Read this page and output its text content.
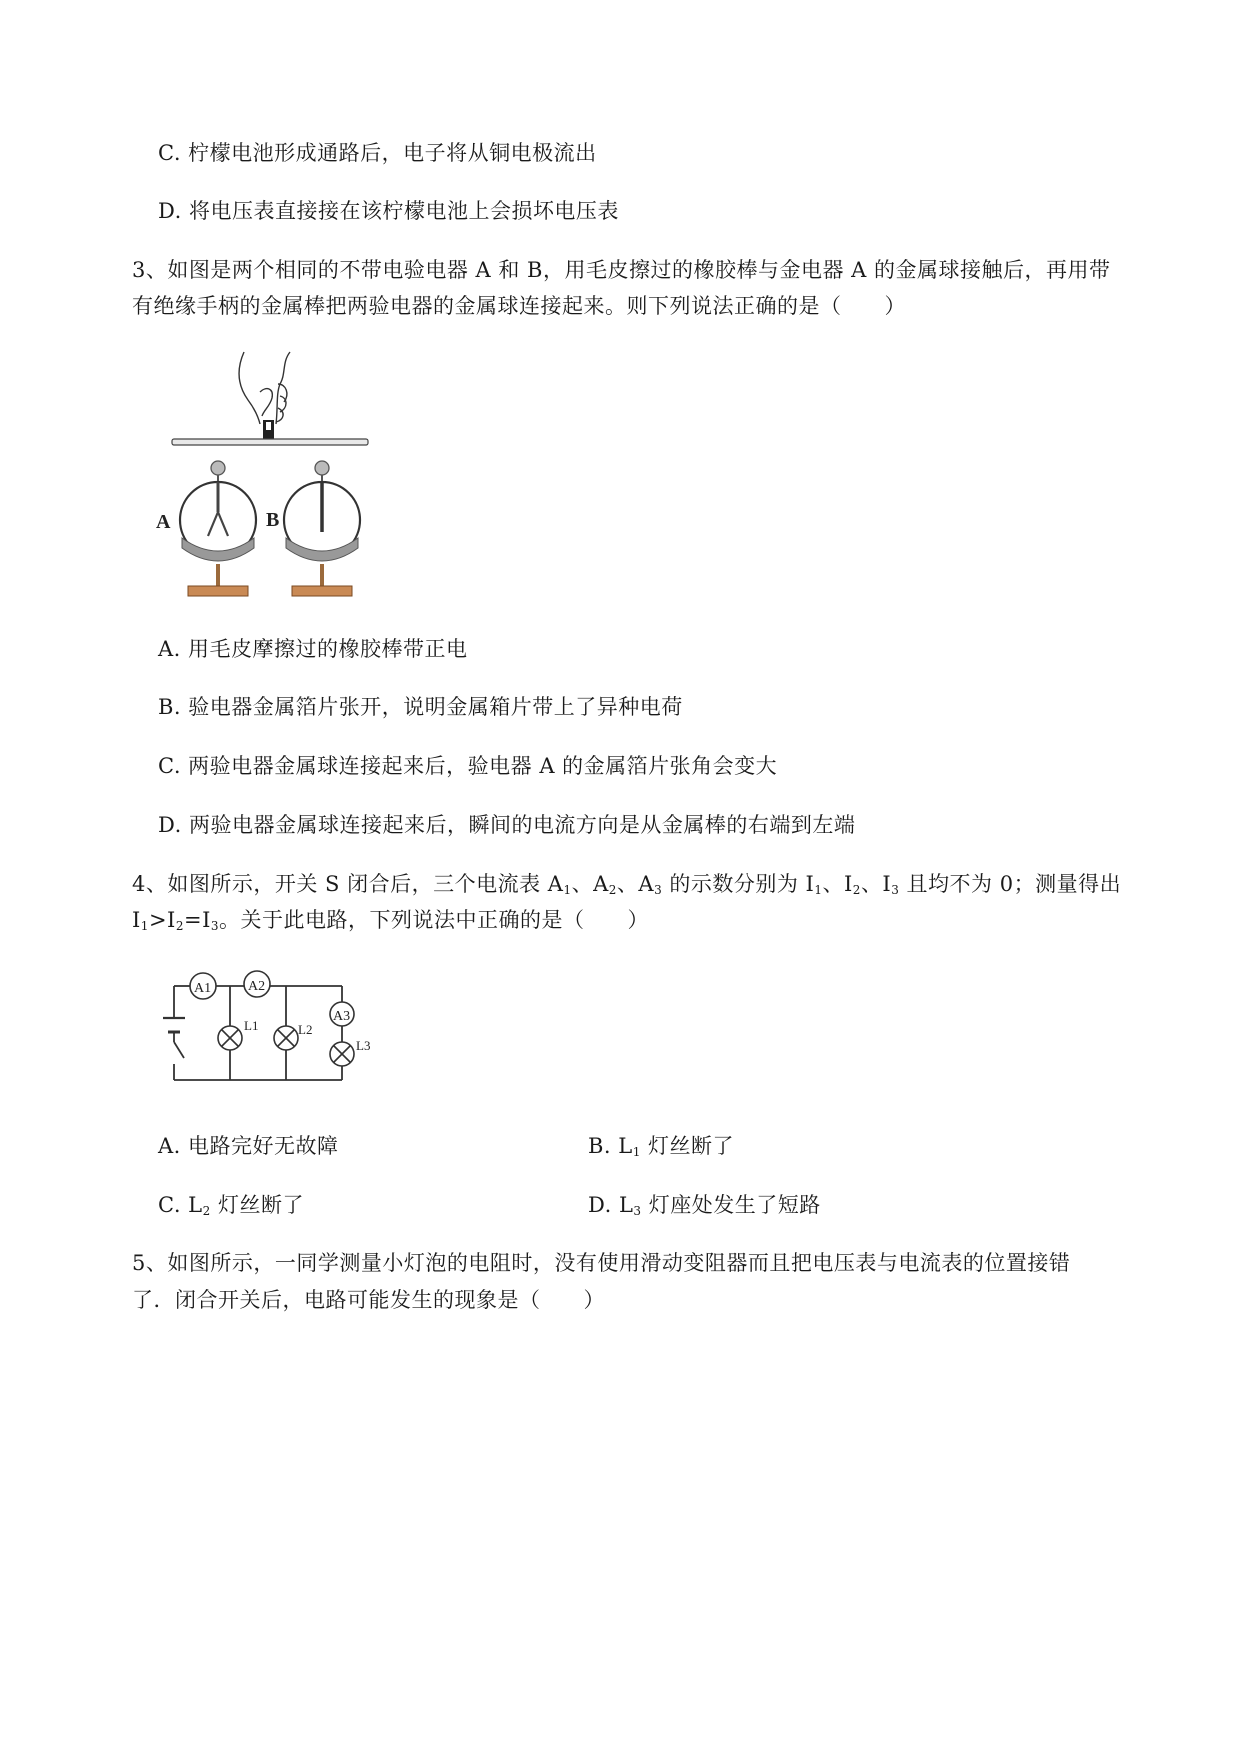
C. 柠檬电池形成通路后，电子将从铜电极流出
D. 将电压表直接接在该柠檬电池上会损坏电压表
3、如图是两个相同的不带电验电器 A 和 B，用毛皮擦过的橡胶棒与金电器 A 的金属球接触后，再用带
有绝缘手柄的金属棒把两验电器的金属球连接起来。则下列说法正确的是（　　）
A	B
A. 用毛皮摩擦过的橡胶棒带正电
B. 验电器金属箔片张开，说明金属箱片带上了异种电荷
C. 两验电器金属球连接起来后，验电器 A 的金属箔片张角会变大
D. 两验电器金属球连接起来后，瞬间的电流方向是从金属棒的右端到左端
4、如图所示，开关 S 闭合后，三个电流表 $A_1$、$A_2$、$A_3$ 的示数分别为 $I_1$、$I_2$、$I_3$ 且均不为 0；测量得出
$I_1>I_2=I_3$。关于此电路，下列说法中正确的是（　　）
A1	A2
A3
L1	L2
L3
A. 电路完好无故障	B. $L_1$ 灯丝断了
C. $L_2$ 灯丝断了	D. $L_3$ 灯座处发生了短路
5、如图所示，一同学测量小灯泡的电阻时，没有使用滑动变阻器而且把电压表与电流表的位置接错
了．闭合开关后，电路可能发生的现象是（　　）
